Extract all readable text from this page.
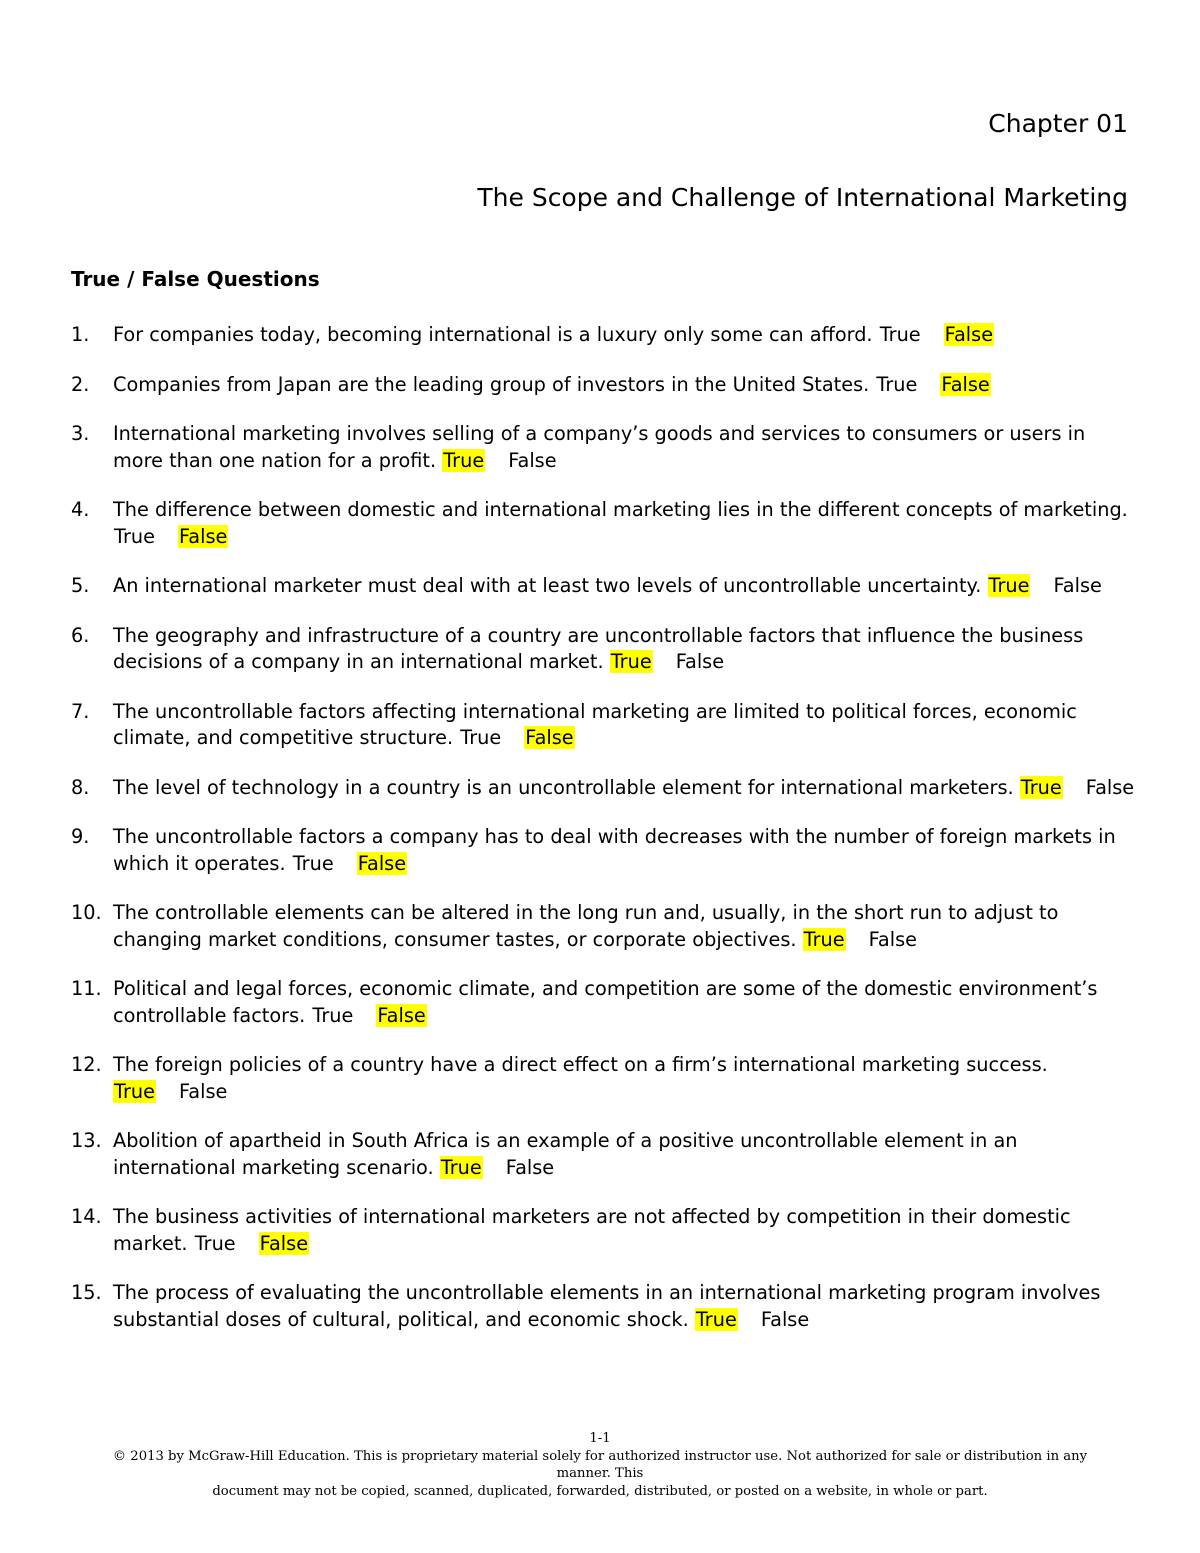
Chapter 01
The Scope and Challenge of International Marketing
True / False Questions
1. For companies today, becoming international is a luxury only some can afford. True False
2. Companies from Japan are the leading group of investors in the United States. True False
3. International marketing involves selling of a company’s goods and services to consumers or users in more than one nation for a profit. True False
4. The difference between domestic and international marketing lies in the different concepts of marketing. True False
5. An international marketer must deal with at least two levels of uncontrollable uncertainty. True False
6. The geography and infrastructure of a country are uncontrollable factors that influence the business decisions of a company in an international market. True False
7. The uncontrollable factors affecting international marketing are limited to political forces, economic climate, and competitive structure. True False
8. The level of technology in a country is an uncontrollable element for international marketers. True False
9. The uncontrollable factors a company has to deal with decreases with the number of foreign markets in which it operates. True False
10. The controllable elements can be altered in the long run and, usually, in the short run to adjust to changing market conditions, consumer tastes, or corporate objectives. True False
11. Political and legal forces, economic climate, and competition are some of the domestic environment’s controllable factors. True False
12. The foreign policies of a country have a direct effect on a firm’s international marketing success. True False
13. Abolition of apartheid in South Africa is an example of a positive uncontrollable element in an international marketing scenario. True False
14. The business activities of international marketers are not affected by competition in their domestic market. True False
15. The process of evaluating the uncontrollable elements in an international marketing program involves substantial doses of cultural, political, and economic shock. True False
1-1
© 2013 by McGraw-Hill Education. This is proprietary material solely for authorized instructor use. Not authorized for sale or distribution in any manner. This
document may not be copied, scanned, duplicated, forwarded, distributed, or posted on a website, in whole or part.
